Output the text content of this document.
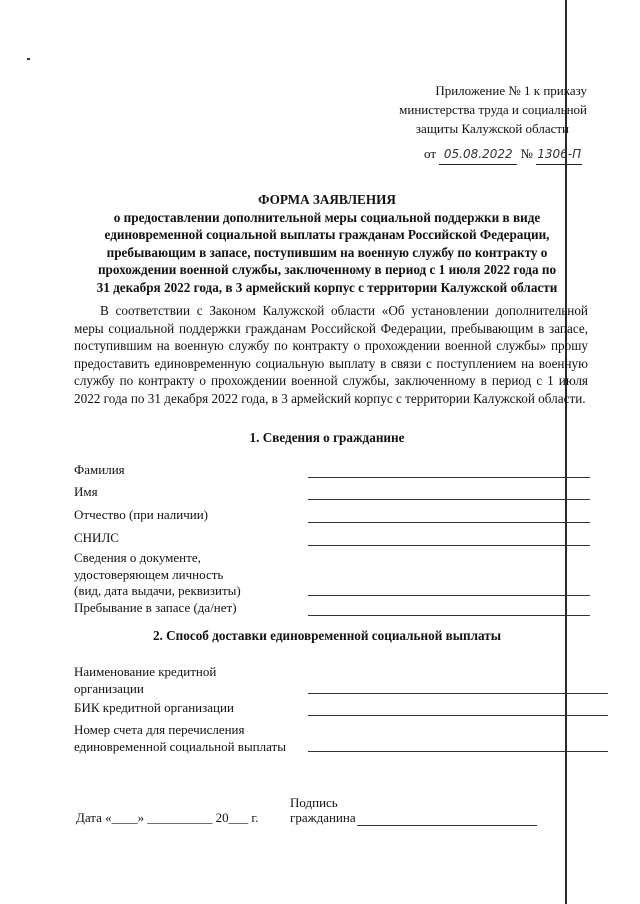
Приложение № 1 к приказу
министерства труда и социальной
защиты Калужской области
от 05.08.2022 № 1306-П
ФОРМА ЗАЯВЛЕНИЯ
о предоставлении дополнительной меры социальной поддержки в виде
единовременной социальной выплаты гражданам Российской Федерации,
пребывающим в запасе, поступившим на военную службу по контракту о
прохождении военной службы, заключенному в период с 1 июля 2022 года по
31 декабря 2022 года, в 3 армейский корпус с территории Калужской области
В соответствии с Законом Калужской области «Об установлении дополнительной меры социальной поддержки гражданам Российской Федерации, пребывающим в запасе, поступившим на военную службу по контракту о прохождении военной службы» прошу предоставить единовременную социальную выплату в связи с поступлением на военную службу по контракту о прохождении военной службы, заключенному в период с 1 июля 2022 года по 31 декабря 2022 года, в 3 армейский корпус с территории Калужской области.
1. Сведения о гражданине
Фамилия
Имя
Отчество (при наличии)
СНИЛС
Сведения о документе,
удостоверяющем личность
(вид, дата выдачи, реквизиты)
Пребывание в запасе (да/нет)
2. Способ доставки единовременной социальной выплаты
Наименование кредитной
организации
БИК кредитной организации
Номер счета для перечисления
единовременной социальной выплаты
Дата «____» __________ 20___ г.
Подпись
гражданина
